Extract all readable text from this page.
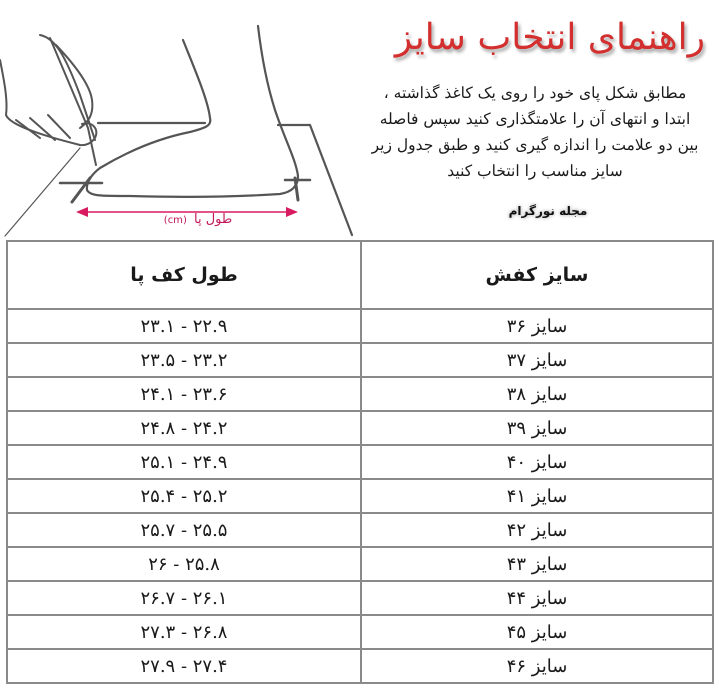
طول پا (cm)
راهنمای انتخاب سایز
مطابق شکل پای خود را روی یک کاغذ گذاشته ،
ابتدا و انتهای آن را علامتگذاری کنید سپس فاصله
بین دو علامت را اندازه گیری کنید و طبق جدول زیر
سایز مناسب را انتخاب کنید
مجله نورگرام
طول کف پا	سایز کفش
۲۲.۹ - ۲۳.۱	سایز ۳۶
۲۳.۲ - ۲۳.۵	سایز ۳۷
۲۳.۶ - ۲۴.۱	سایز ۳۸
۲۴.۲ - ۲۴.۸	سایز ۳۹
۲۴.۹ - ۲۵.۱	سایز ۴۰
۲۵.۲ - ۲۵.۴	سایز ۴۱
۲۵.۵ - ۲۵.۷	سایز ۴۲
۲۵.۸ - ۲۶	سایز ۴۳
۲۶.۱ - ۲۶.۷	سایز ۴۴
۲۶.۸ - ۲۷.۳	سایز ۴۵
۲۷.۴ - ۲۷.۹	سایز ۴۶
